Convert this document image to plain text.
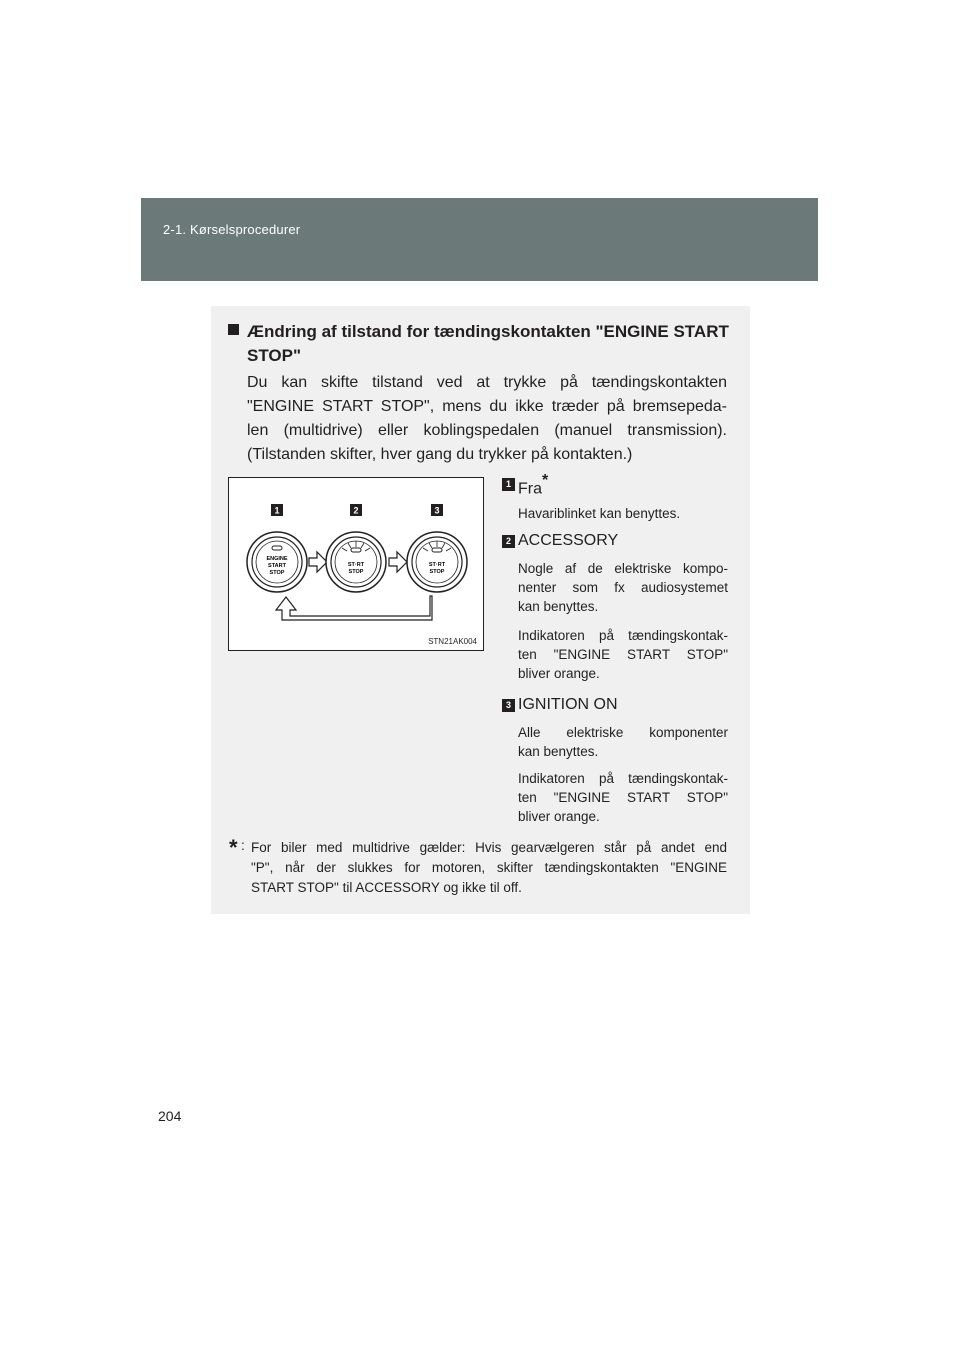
2-1. Kørselsprocedurer
Ændring af tilstand for tændingskontakten "ENGINE START
STOP"
Du kan skifte tilstand ved at trykke på tændingskontakten
"ENGINE START STOP", mens du ikke træder på bremsepeda-
len (multidrive) eller koblingspedalen (manuel transmission).
(Tilstanden skifter, hver gang du trykker på kontakten.)
1	2	3
ENGINE
START
STOP
ST·RT
STOP
ST·RT
STOP
STN21AK004
1 Fra*
Havariblinket kan benyttes.
2 ACCESSORY
Nogle af de elektriske kompo-
nenter som fx audiosystemet
kan benyttes.
Indikatoren på tændingskontak-
ten "ENGINE START STOP"
bliver orange.
3 IGNITION ON
Alle elektriske komponenter
kan benyttes.
Indikatoren på tændingskontak-
ten "ENGINE START STOP"
bliver orange.
* : For biler med multidrive gælder: Hvis gearvælgeren står på andet end
"P", når der slukkes for motoren, skifter tændingskontakten "ENGINE
START STOP" til ACCESSORY og ikke til off.
204
